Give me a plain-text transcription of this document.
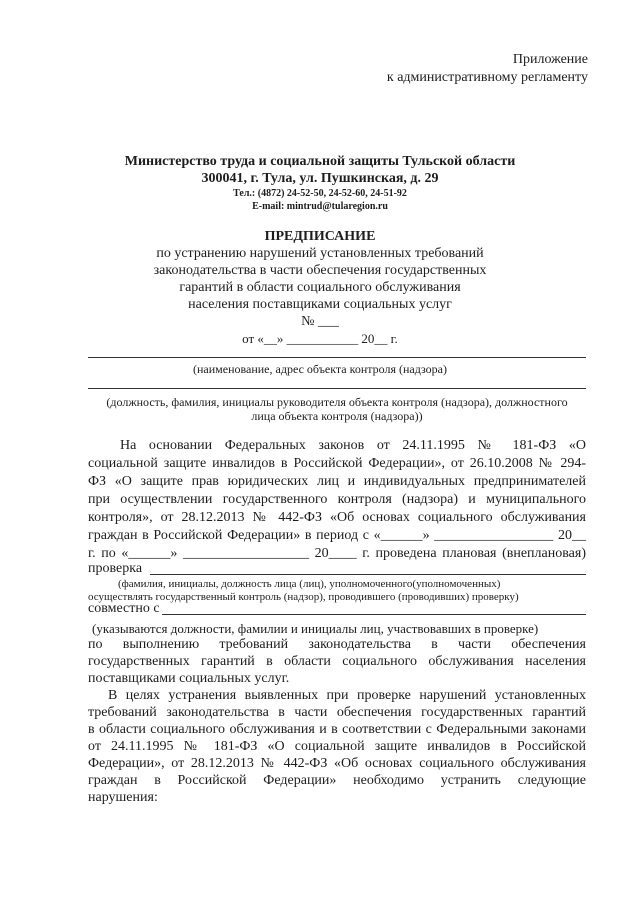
Приложение
к административному регламенту
Министерство труда и социальной защиты Тульской области
300041, г. Тула, ул. Пушкинская, д. 29
Тел.: (4872) 24-52-50, 24-52-60, 24-51-92
E-mail: mintrud@tularegion.ru
ПРЕДПИСАНИЕ
по устранению нарушений установленных требований
законодательства в части обеспечения государственных
гарантий в области социального обслуживания
населения поставщиками социальных услуг
№ ___
от «__» ___________ 20__ г.
(наименование, адрес объекта контроля (надзора)
(должность, фамилия, инициалы руководителя объекта контроля (надзора), должностного
лица объекта контроля (надзора))
На основании Федеральных законов от 24.11.1995 № 181-ФЗ «О
социальной защите инвалидов в Российской Федерации», от 26.10.2008 № 294-
ФЗ «О защите прав юридических лиц и индивидуальных предпринимателей
при осуществлении государственного контроля (надзора) и муниципального
контроля», от 28.12.2013 № 442-ФЗ «Об основах социального обслуживания
граждан в Российской Федерации» в период с «______» _________________ 20__
г. по «______» __________________ 20____ г. проведена плановая (внеплановая)
проверка
(фамилия, инициалы, должность лица (лиц), уполномоченного(уполномоченных)
осуществлять государственный контроль (надзор), проводившего (проводивших) проверку)
совместно с
(указываются должности, фамилии и инициалы лиц, участвовавших в проверке)
по выполнению требований законодательства в части обеспечения
государственных гарантий в области социального обслуживания населения
поставщиками социальных услуг.
В целях устранения выявленных при проверке нарушений установленных
требований законодательства в части обеспечения государственных гарантий
в области социального обслуживания и в соответствии с Федеральными законами
от 24.11.1995 № 181-ФЗ «О социальной защите инвалидов в Российской
Федерации», от 28.12.2013 № 442-ФЗ «Об основах социального обслуживания
граждан в Российской Федерации» необходимо устранить следующие
нарушения:
